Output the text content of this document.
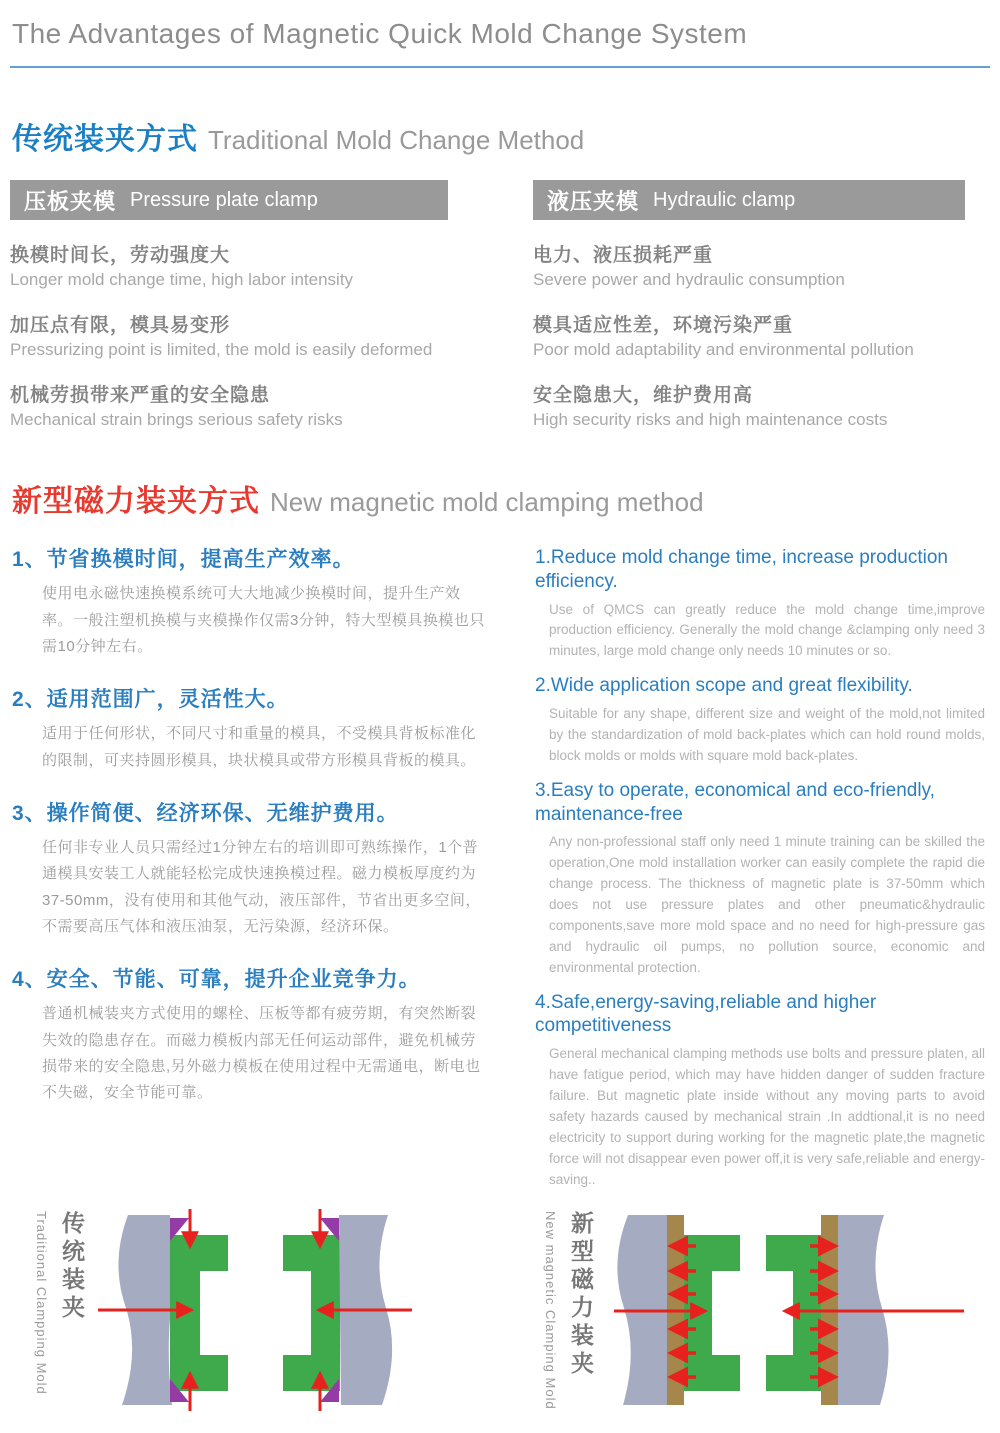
The Advantages of Magnetic Quick Mold Change System
传统装夹方式 Traditional Mold Change Method
压板夹模 Pressure plate clamp
换模时间长，劳动强度大
Longer mold change time, high labor intensity
加压点有限，模具易变形
Pressurizing point is limited, the mold is easily deformed
机械劳损带来严重的安全隐患
Mechanical strain brings serious safety risks
液压夹模 Hydraulic clamp
电力、液压损耗严重
Severe power and hydraulic consumption
模具适应性差，环境污染严重
Poor mold adaptability and environmental pollution
安全隐患大，维护费用高
High security risks and high maintenance costs
新型磁力装夹方式 New magnetic mold clamping method
1、节省换模时间，提高生产效率。
使用电永磁快速换模系统可大大地减少换模时间，提升生产效率。一般注塑机换模与夹模操作仅需3分钟，特大型模具换模也只需10分钟左右。
2、适用范围广，灵活性大。
适用于任何形状，不同尺寸和重量的模具，不受模具背板标准化的限制，可夹持圆形模具，块状模具或带方形模具背板的模具。
3、操作简便、经济环保、无维护费用。
任何非专业人员只需经过1分钟左右的培训即可熟练操作，1个普通模具安装工人就能轻松完成快速换模过程。磁力模板厚度约为37-50mm，没有使用和其他气动，液压部件，节省出更多空间，不需要高压气体和液压油泵，无污染源，经济环保。
4、安全、节能、可靠，提升企业竞争力。
普通机械装夹方式使用的螺栓、压板等都有疲劳期，有突然断裂失效的隐患存在。而磁力模板内部无任何运动部件，避免机械劳损带来的安全隐患,另外磁力模板在使用过程中无需通电，断电也不失磁，安全节能可靠。
1.Reduce mold change time, increase production efficiency.
Use of QMCS can greatly reduce the mold change time,improve production efficiency. Generally the mold change &clamping only need 3 minutes, large mold change only needs 10 minutes or so.
2.Wide application scope and great flexibility.
Suitable for any shape, different size and weight of the mold,not limited by the standardization of mold back-plates which can hold round molds, block molds or molds with square mold back-plates.
3.Easy to operate, economical and eco-friendly, maintenance-free
Any non-professional staff only need 1 minute training can be skilled the operation,One mold installation worker can easily complete the rapid die change process. The thickness of magnetic plate is 37-50mm which does not use pressure plates and other pneumatic&hydraulic components,save more mold space and no need for high-pressure gas and hydraulic oil pumps, no pollution source, economic and environmental protection.
4.Safe,energy-saving,reliable and higher competitiveness
General mechanical clamping methods use bolts and pressure platen, all have fatigue period, which may have hidden danger of sudden fracture failure. But magnetic plate inside without any moving parts to avoid safety hazards caused by mechanical strain .In addtional,it is no need electricity to support during working for the magnetic plate,the magnetic force will not disappear even power off,it is very safe,reliable and energy-saving..
Traditional Clampping Mold 传统装夹	New magnetic Clamping Mold 新型磁力装夹
